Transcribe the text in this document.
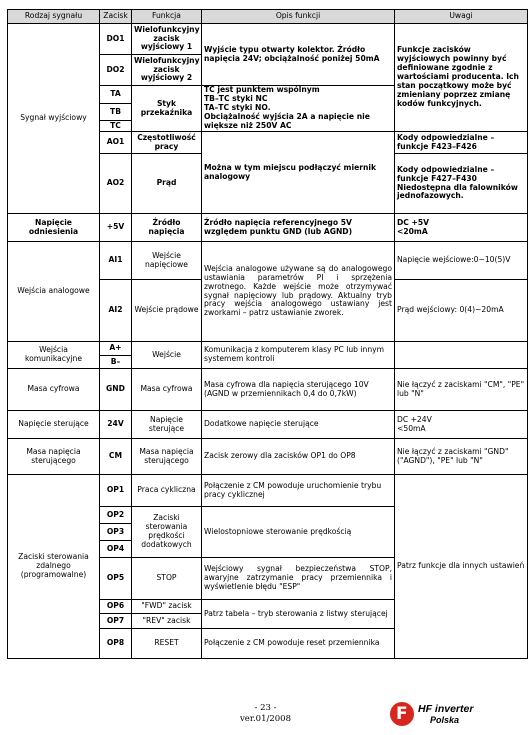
Rodzaj sygnału	Zacisk	Funkcja	Opis funkcji	Uwagi
Sygnał wyjściowy	DO1	Wielofunkcyjny zacisk wyjściowy 1	Wyjście typu otwarty kolektor. Źródło napięcia 24V; obciążalność poniżej 50mA	Funkcje zacisków wyjściowych powinny być definiowane zgodnie z wartościami producenta. Ich stan początkowy może być zmieniany poprzez zmianę kodów funkcyjnych.
	DO2	Wielofunkcyjny zacisk wyjściowy 2		
	TA	Styk przekaźnika	TC jest punktem wspólnym
TB–TC styki NC
TA–TC styki NO.
Obciążalność wyjścia 2A a napięcie nie większe niż 250V AC	
	TB			
	TC			
	AO1	Częstotliwość pracy	Można w tym miejscu podłączyć miernik analogowy	Kody odpowiedzialne – funkcje F423–F426
	AO2	Prąd		Kody odpowiedzialne – funkcje F427–F430
Niedostępna dla falowników jednofazowych.
Napięcie odniesienia	+5V	Źródło napięcia	Źródło napięcia referencyjnego 5V względem punktu GND (lub AGND)	DC +5V
<20mA
Wejścia analogowe	AI1	Wejście napięciowe	Wejścia analogowe używane są do analogowego ustawiania parametrów PI i sprzężenia zwrotnego. Każde wejście może otrzymywać sygnał napięciowy lub prądowy. Aktualny tryb pracy wejścia analogowego ustawiany jest zworkami – patrz ustawianie zworek.	Napięcie wejściowe:0~10(5)V
	AI2	Wejście prądowe		Prąd wejściowy: 0(4)~20mA
Wejścia komunikacyjne	A+	Wejście	Komunikacja z komputerem klasy PC lub innym systemem kontroli	
	B–			
Masa cyfrowa	GND	Masa cyfrowa	Masa cyfrowa dla napięcia sterującego 10V (AGND w przemiennikach 0,4 do 0,7kW)	Nie łączyć z zaciskami "CM", "PE" lub "N"
Napięcie sterujące	24V	Napięcie sterujące	Dodatkowe napięcie sterujące	DC +24V
<50mA
Masa napięcia sterującego	CM	Masa napięcia sterującego	Zacisk zerowy dla zacisków OP1 do OP8	Nie łączyć z zaciskami "GND" ("AGND"), "PE" lub "N"
Zaciski sterowania zdalnego (programowalne)	OP1	Praca cykliczna	Połączenie z CM powoduje uruchomienie trybu pracy cyklicznej	Patrz funkcje dla innych ustawień
	OP2	Zaciski sterowania prędkości dodatkowych	Wielostopniowe sterowanie prędkością	
	OP3			
	OP4			
	OP5	STOP	Wejściowy sygnał bezpieczeństwa STOP, awaryjne zatrzymanie pracy przemiennika i wyświetlenie błędu "ESP"	
	OP6	"FWD" zacisk	Patrz tabela – tryb sterowania z listwy sterującej	
	OP7	"REV" zacisk		
	OP8	RESET	Połączenie z CM powoduje reset przemiennika	
- 23 -
ver.01/2008	F HF inverter
Polska
